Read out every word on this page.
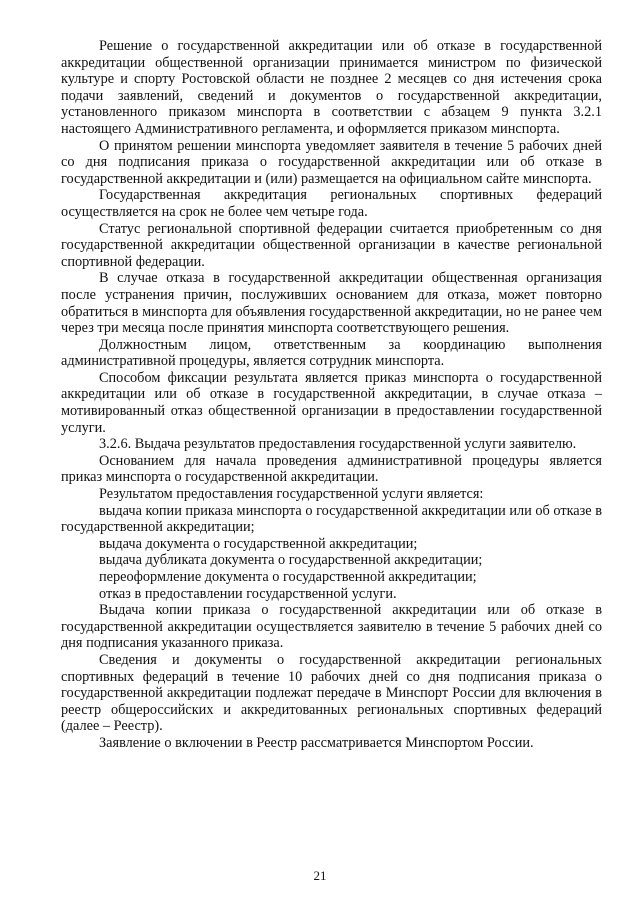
Решение о государственной аккредитации или об отказе в государственной аккредитации общественной организации принимается министром по физической культуре и спорту Ростовской области не позднее 2 месяцев со дня истечения срока подачи заявлений, сведений и документов о государственной аккредитации, установленного приказом минспорта в соответствии с абзацем 9 пункта 3.2.1 настоящего Административного регламента, и оформляется приказом минспорта.

О принятом решении минспорта уведомляет заявителя в течение 5 рабочих дней со дня подписания приказа о государственной аккредитации или об отказе в государственной аккредитации и (или) размещается на официальном сайте минспорта.

Государственная аккредитация региональных спортивных федераций осуществляется на срок не более чем четыре года.

Статус региональной спортивной федерации считается приобретенным со дня государственной аккредитации общественной организации в качестве региональной спортивной федерации.

В случае отказа в государственной аккредитации общественная организация после устранения причин, послуживших основанием для отказа, может повторно обратиться в минспорта для объявления государственной аккредитации, но не ранее чем через три месяца после принятия минспорта соответствующего решения.

Должностным лицом, ответственным за координацию выполнения административной процедуры, является сотрудник минспорта.

Способом фиксации результата является приказ минспорта о государственной аккредитации или об отказе в государственной аккредитации, в случае отказа – мотивированный отказ общественной организации в предоставлении государственной услуги.

3.2.6. Выдача результатов предоставления государственной услуги заявителю.

Основанием для начала проведения административной процедуры является приказ минспорта о государственной аккредитации.

Результатом предоставления государственной услуги является:

выдача копии приказа минспорта о государственной аккредитации или об отказе в государственной аккредитации;

выдача документа о государственной аккредитации;

выдача дубликата документа о государственной аккредитации;

переоформление документа о государственной аккредитации;

отказ в предоставлении государственной услуги.

Выдача копии приказа о государственной аккредитации или об отказе в государственной аккредитации осуществляется заявителю в течение 5 рабочих дней со дня подписания указанного приказа.

Сведения и документы о государственной аккредитации региональных спортивных федераций в течение 10 рабочих дней со дня подписания приказа о государственной аккредитации подлежат передаче в Минспорт России для включения в реестр общероссийских и аккредитованных региональных спортивных федераций (далее – Реестр).

Заявление о включении в Реестр рассматривается Минспортом России.

21
